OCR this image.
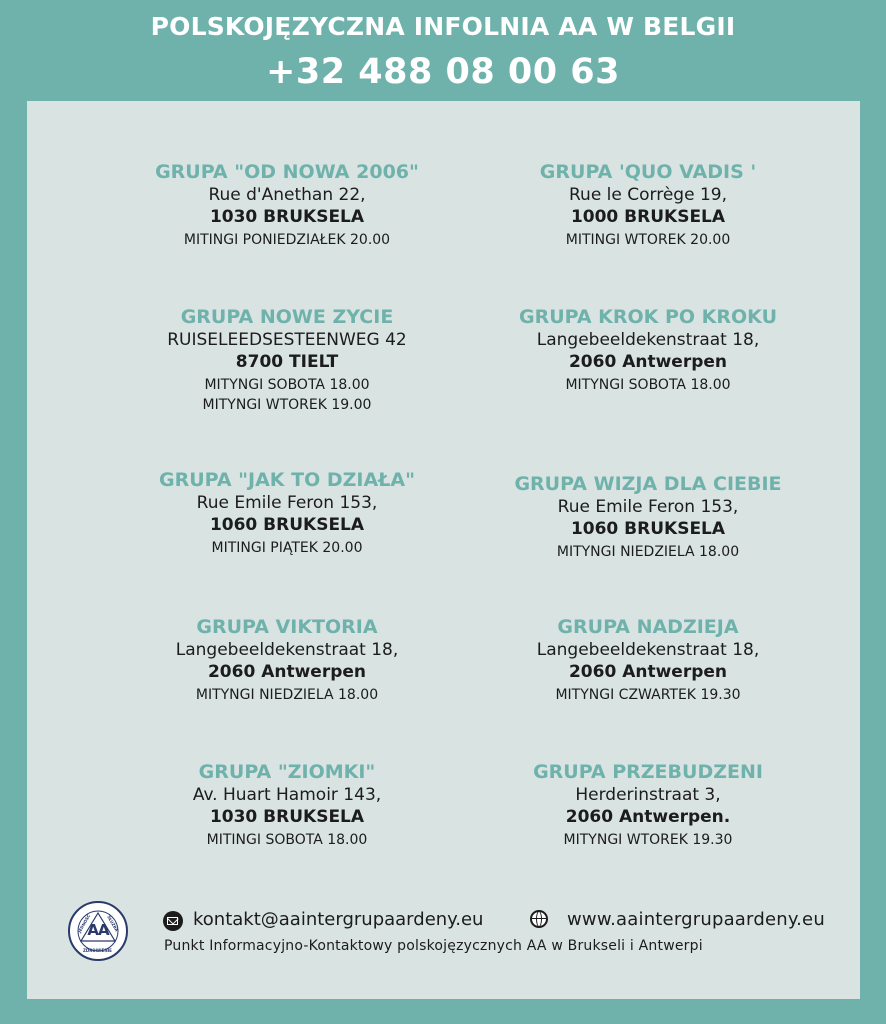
POLSKOJĘZYCZNA INFOLNIA AA W BELGII
+32 488 08 00 63
GRUPA "OD NOWA 2006"
Rue d'Anethan 22,
1030 BRUKSELA
MITINGI PONIEDZIAŁEK 20.00
GRUPA 'QUO VADIS '
Rue le Corrège 19,
1000 BRUKSELA
MITINGI WTOREK 20.00
GRUPA NOWE ZYCIE
RUISELEEDSESTEENWEG 42
8700 TIELT
MITYNGI SOBOTA 18.00
MITYNGI WTOREK 19.00
GRUPA KROK PO KROKU
Langebeeldekenstraat 18,
2060 Antwerpen
MITYNGI SOBOTA 18.00
GRUPA "JAK TO DZIAŁA"
Rue Emile Feron 153,
1060 BRUKSELA
MITINGI PIĄTEK 20.00
GRUPA WIZJA DLA CIEBIE
Rue Emile Feron 153,
1060 BRUKSELA
MITYNGI NIEDZIELA 18.00
GRUPA VIKTORIA
Langebeeldekenstraat 18,
2060 Antwerpen
MITYNGI NIEDZIELA 18.00
GRUPA NADZIEJA
Langebeeldekenstraat 18,
2060 Antwerpen
MITYNGI CZWARTEK 19.30
GRUPA "ZIOMKI"
Av. Huart Hamoir 143,
1030 BRUKSELA
MITINGI SOBOTA 18.00
GRUPA PRZEBUDZENI
Herderinstraat 3,
2060 Antwerpen.
MITYNGI WTOREK 19.30
AA
JEDNOŚĆ	SŁUŻBA
ZDROWIENIE
kontakt@aaintergrupaardeny.eu	www.aaintergrupaardeny.eu
Punkt Informacyjno-Kontaktowy polskojęzycznych AA w Brukseli i Antwerpi
